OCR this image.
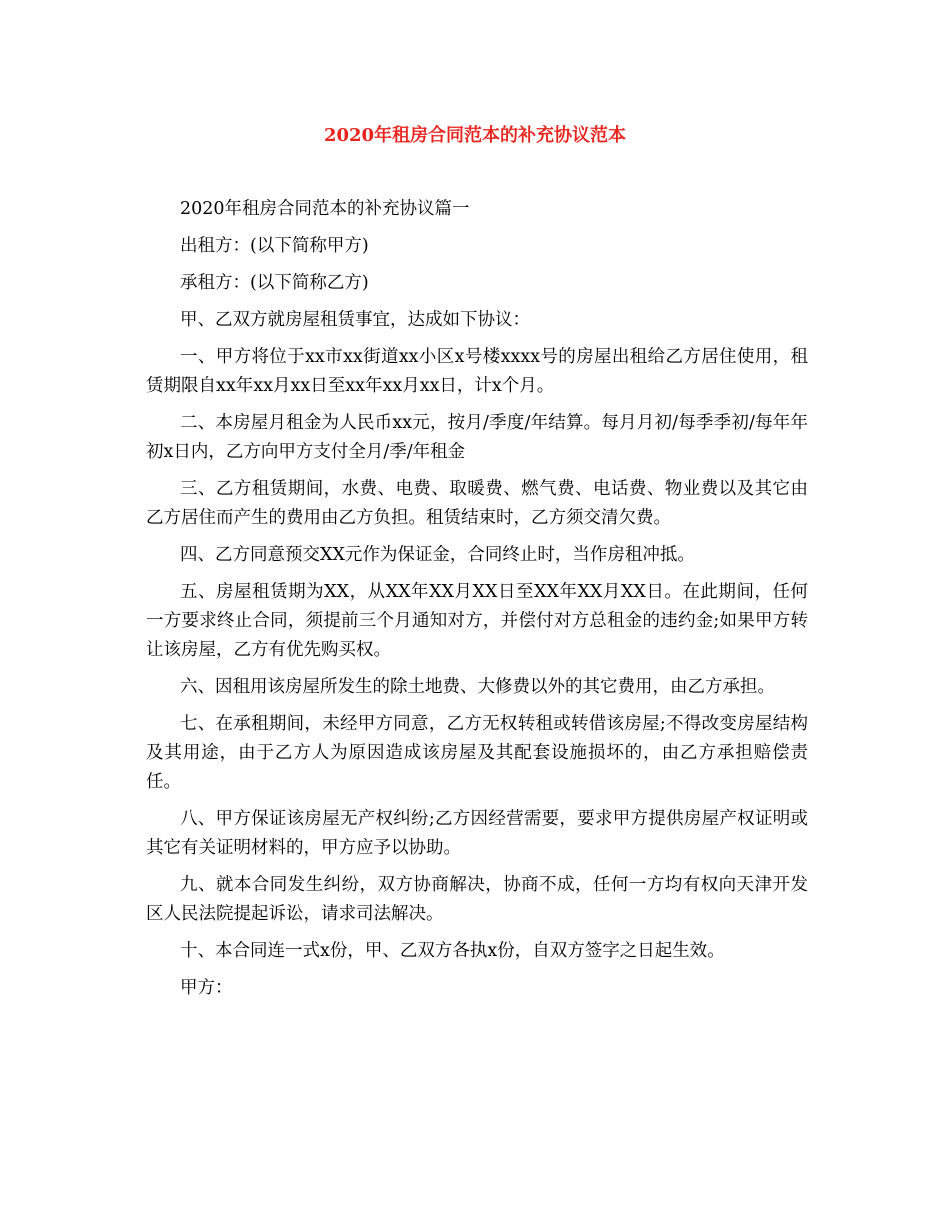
2020年租房合同范本的补充协议范本

2020年租房合同范本的补充协议篇一

出租方：(以下简称甲方)

承租方：(以下简称乙方)

甲、乙双方就房屋租赁事宜，达成如下协议：

一、甲方将位于xx市xx街道xx小区x号楼xxxx号的房屋出租给乙方居住使用，租赁期限自xx年xx月xx日至xx年xx月xx日，计x个月。

二、本房屋月租金为人民币xx元，按月/季度/年结算。每月月初/每季季初/每年年初x日内，乙方向甲方支付全月/季/年租金

三、乙方租赁期间，水费、电费、取暖费、燃气费、电话费、物业费以及其它由乙方居住而产生的费用由乙方负担。租赁结束时，乙方须交清欠费。

四、乙方同意预交XX元作为保证金，合同终止时，当作房租冲抵。

五、房屋租赁期为XX，从XX年XX月XX日至XX年XX月XX日。在此期间，任何一方要求终止合同，须提前三个月通知对方，并偿付对方总租金的违约金;如果甲方转让该房屋，乙方有优先购买权。

六、因租用该房屋所发生的除土地费、大修费以外的其它费用，由乙方承担。

七、在承租期间，未经甲方同意，乙方无权转租或转借该房屋;不得改变房屋结构及其用途，由于乙方人为原因造成该房屋及其配套设施损坏的，由乙方承担赔偿责任。

八、甲方保证该房屋无产权纠纷;乙方因经营需要，要求甲方提供房屋产权证明或其它有关证明材料的，甲方应予以协助。

九、就本合同发生纠纷，双方协商解决，协商不成，任何一方均有权向天津开发区人民法院提起诉讼，请求司法解决。

十、本合同连一式x份，甲、乙双方各执x份，自双方签字之日起生效。

甲方：
